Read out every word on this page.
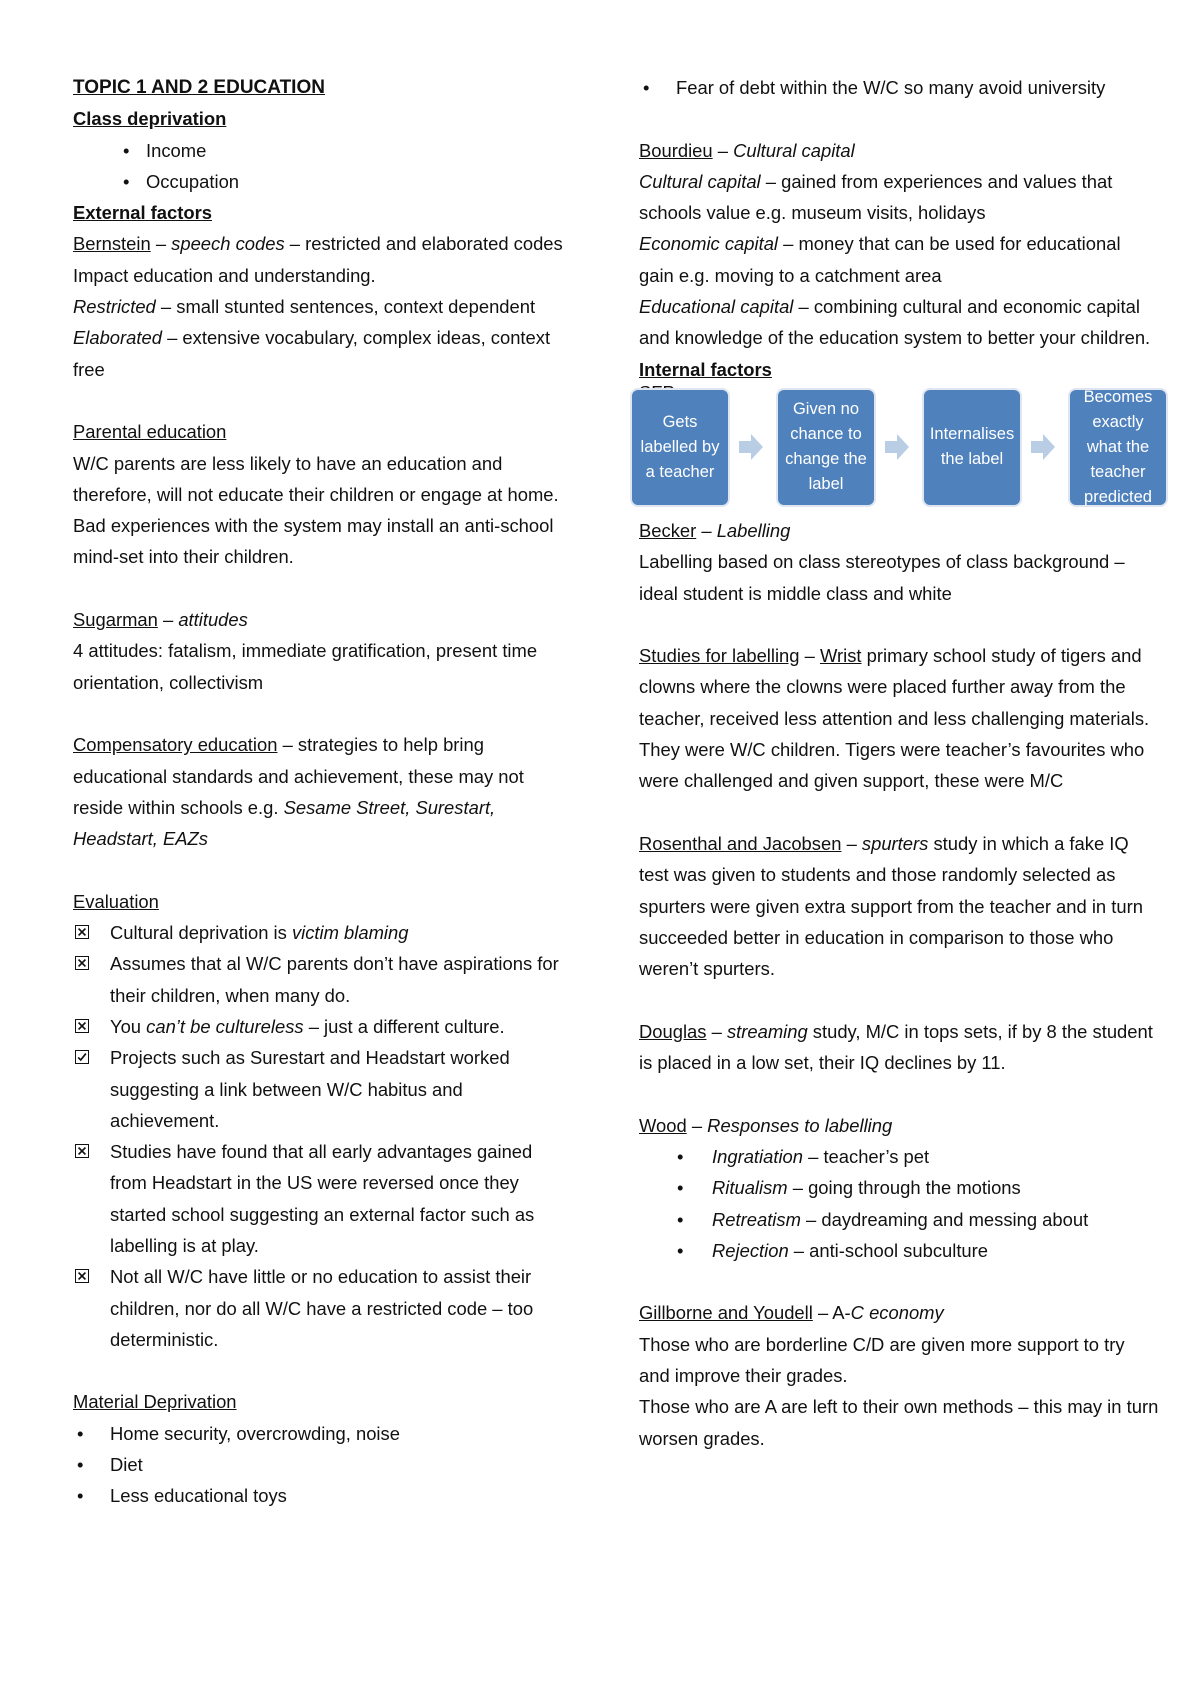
TOPIC 1 AND 2 EDUCATION

Class deprivation

• Income
• Occupation

External factors

Bernstein – speech codes – restricted and elaborated codes

Impact education and understanding.

Restricted – small stunted sentences, context dependent

Elaborated – extensive vocabulary, complex ideas, context free

Parental education

W/C parents are less likely to have an education and therefore, will not educate their children or engage at home. Bad experiences with the system may install an anti-school mind-set into their children.

Sugarman – attitudes

4 attitudes: fatalism, immediate gratification, present time orientation, collectivism

Compensatory education – strategies to help bring educational standards and achievement, these may not reside within schools e.g. Sesame Street, Surestart, Headstart, EAZs

Evaluation

Cultural deprivation is victim blaming
Assumes that al W/C parents don’t have aspirations for their children, when many do.
You can’t be cultureless – just a different culture.
Projects such as Surestart and Headstart worked suggesting a link between W/C habitus and achievement.
Studies have found that all early advantages gained from Headstart in the US were reversed once they started school suggesting an external factor such as labelling is at play.
Not all W/C have little or no education to assist their children, nor do all W/C have a restricted code – too deterministic.

Material Deprivation

• Home security, overcrowding, noise
• Diet
• Less educational toys
• Fear of debt within the W/C so many avoid university

Bourdieu – Cultural capital

Cultural capital – gained from experiences and values that schools value e.g. museum visits, holidays

Economic capital – money that can be used for educational gain e.g. moving to a catchment area

Educational capital – combining cultural and economic capital and knowledge of the education system to better your children.

Internal factors

Gets labelled by a teacher
Given no chance to change the label
Internalises the label
Becomes exactly what the teacher predicted

Becker – Labelling

Labelling based on class stereotypes of class background – ideal student is middle class and white

Studies for labelling – Wrist primary school study of tigers and clowns where the clowns were placed further away from the teacher, received less attention and less challenging materials. They were W/C children. Tigers were teacher’s favourites who were challenged and given support, these were M/C

Rosenthal and Jacobsen – spurters study in which a fake IQ test was given to students and those randomly selected as spurters were given extra support from the teacher and in turn succeeded better in education in comparison to those who weren’t spurters.

Douglas – streaming study, M/C in tops sets, if by 8 the student is placed in a low set, their IQ declines by 11.

Wood – Responses to labelling

• Ingratiation – teacher’s pet
• Ritualism – going through the motions
• Retreatism – daydreaming and messing about
• Rejection – anti-school subculture

Gillborne and Youdell – A-C economy

Those who are borderline C/D are given more support to try and improve their grades.

Those who are A are left to their own methods – this may in turn worsen grades.
